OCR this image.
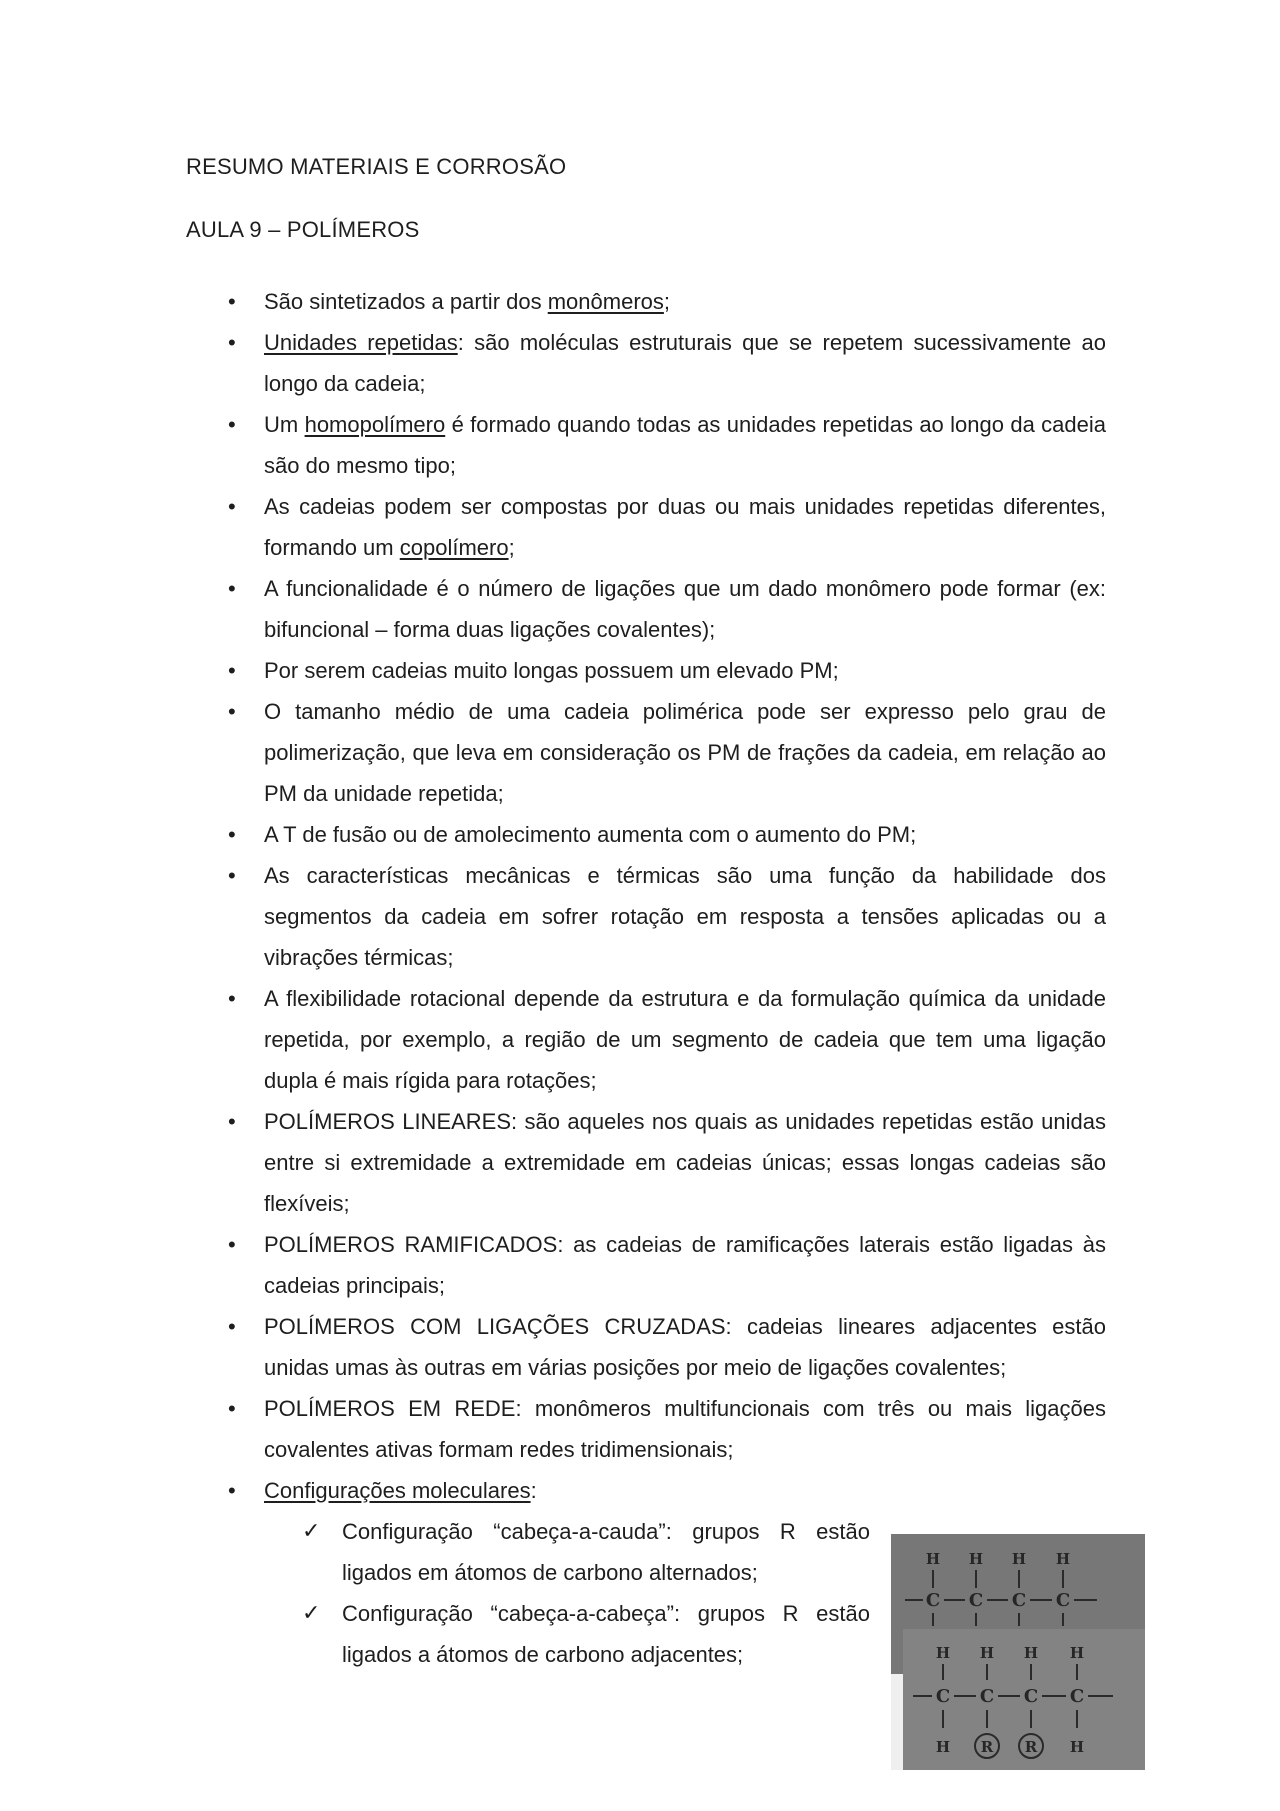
RESUMO MATERIAIS E CORROSÃO
AULA 9 – POLÍMEROS
• São sintetizados a partir dos monômeros;
• Unidades repetidas: são moléculas estruturais que se repetem sucessivamente ao longo da cadeia;
• Um homopolímero é formado quando todas as unidades repetidas ao longo da cadeia são do mesmo tipo;
• As cadeias podem ser compostas por duas ou mais unidades repetidas diferentes, formando um copolímero;
• A funcionalidade é o número de ligações que um dado monômero pode formar (ex: bifuncional – forma duas ligações covalentes);
• Por serem cadeias muito longas possuem um elevado PM;
• O tamanho médio de uma cadeia polimérica pode ser expresso pelo grau de polimerização, que leva em consideração os PM de frações da cadeia, em relação ao PM da unidade repetida;
• A T de fusão ou de amolecimento aumenta com o aumento do PM;
• As características mecânicas e térmicas são uma função da habilidade dos segmentos da cadeia em sofrer rotação em resposta a tensões aplicadas ou a vibrações térmicas;
• A flexibilidade rotacional depende da estrutura e da formulação química da unidade repetida, por exemplo, a região de um segmento de cadeia que tem uma ligação dupla é mais rígida para rotações;
• POLÍMEROS LINEARES: são aqueles nos quais as unidades repetidas estão unidas entre si extremidade a extremidade em cadeias únicas; essas longas cadeias são flexíveis;
• POLÍMEROS RAMIFICADOS: as cadeias de ramificações laterais estão ligadas às cadeias principais;
• POLÍMEROS COM LIGAÇÕES CRUZADAS: cadeias lineares adjacentes estão unidas umas às outras em várias posições por meio de ligações covalentes;
• POLÍMEROS EM REDE: monômeros multifuncionais com três ou mais ligações covalentes ativas formam redes tridimensionais;
• Configurações moleculares:
✓ Configuração “cabeça-a-cauda”: grupos R estão ligados em átomos de carbono alternados;
✓ Configuração “cabeça-a-cabeça”: grupos R estão ligados a átomos de carbono adjacentes;
H
C
H
C
H
C
H
C
H
C
H
C
H
C
H
C
H R R H
